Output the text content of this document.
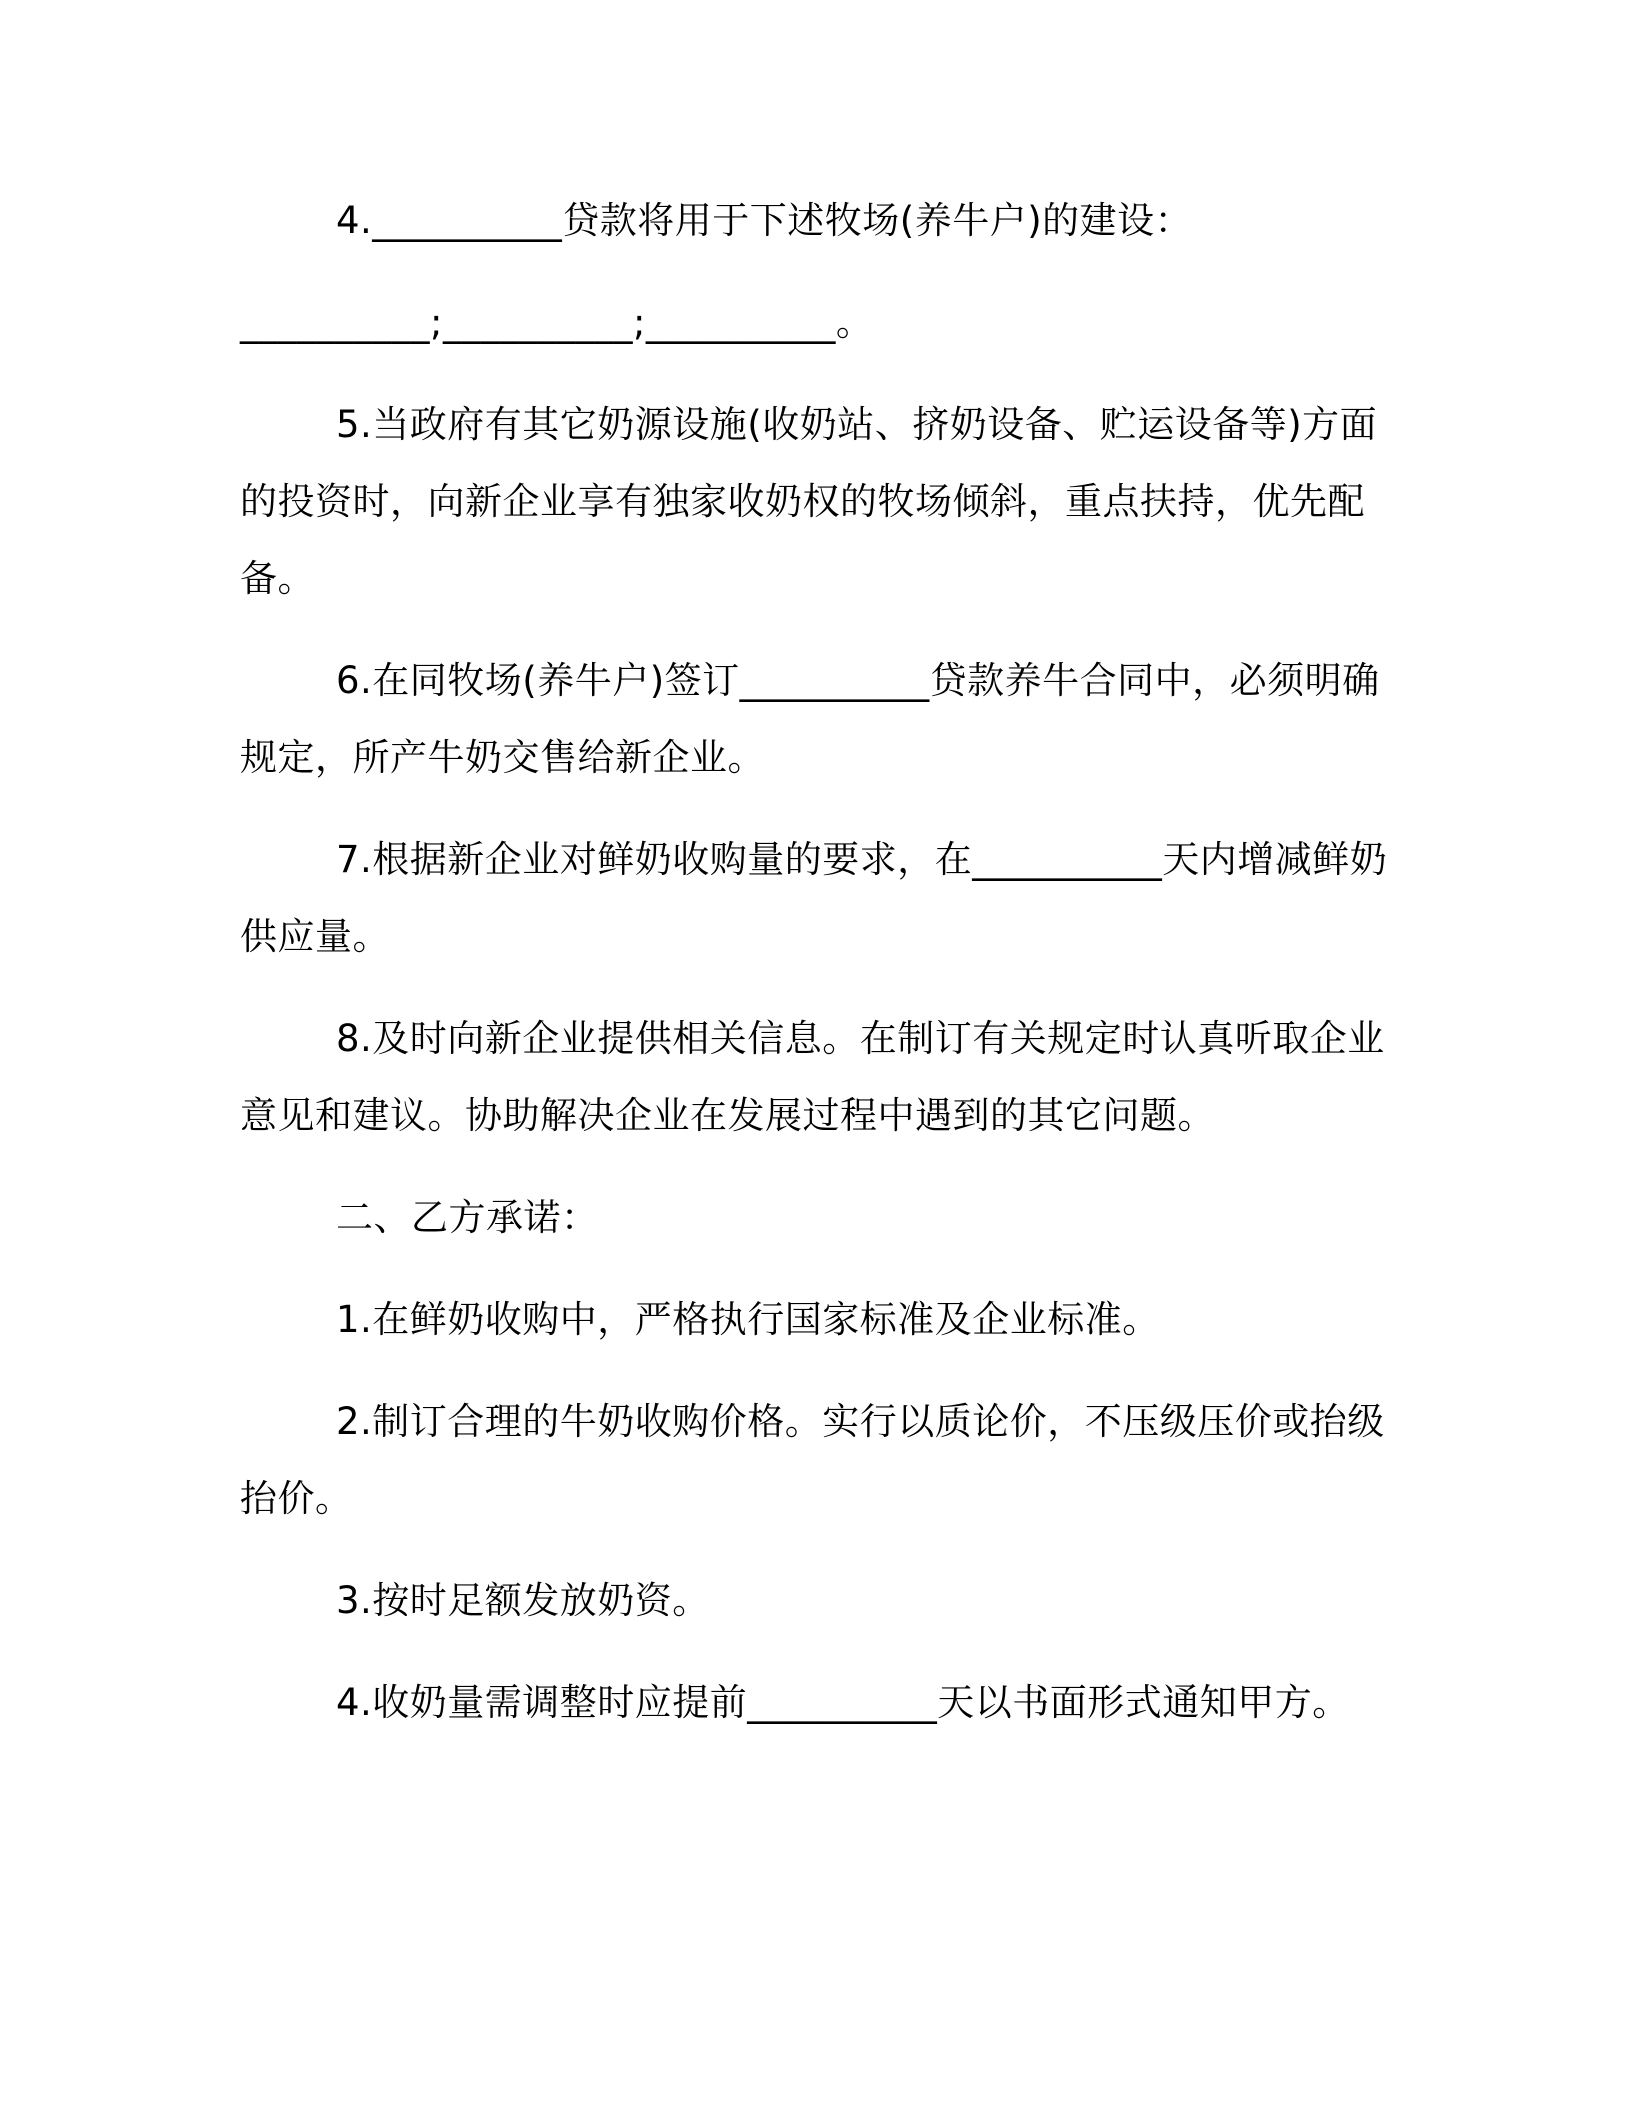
4.__________贷款将用于下述牧场(养牛户)的建设：

__________;__________;__________。

5.当政府有其它奶源设施(收奶站、挤奶设备、贮运设备等)方面的投资时，向新企业享有独家收奶权的牧场倾斜，重点扶持，优先配备。

6.在同牧场(养牛户)签订__________贷款养牛合同中，必须明确规定，所产牛奶交售给新企业。

7.根据新企业对鲜奶收购量的要求，在__________天内增减鲜奶供应量。

8.及时向新企业提供相关信息。在制订有关规定时认真听取企业意见和建议。协助解决企业在发展过程中遇到的其它问题。

二、乙方承诺：

1.在鲜奶收购中，严格执行国家标准及企业标准。

2.制订合理的牛奶收购价格。实行以质论价，不压级压价或抬级抬价。

3.按时足额发放奶资。

4.收奶量需调整时应提前__________天以书面形式通知甲方。
